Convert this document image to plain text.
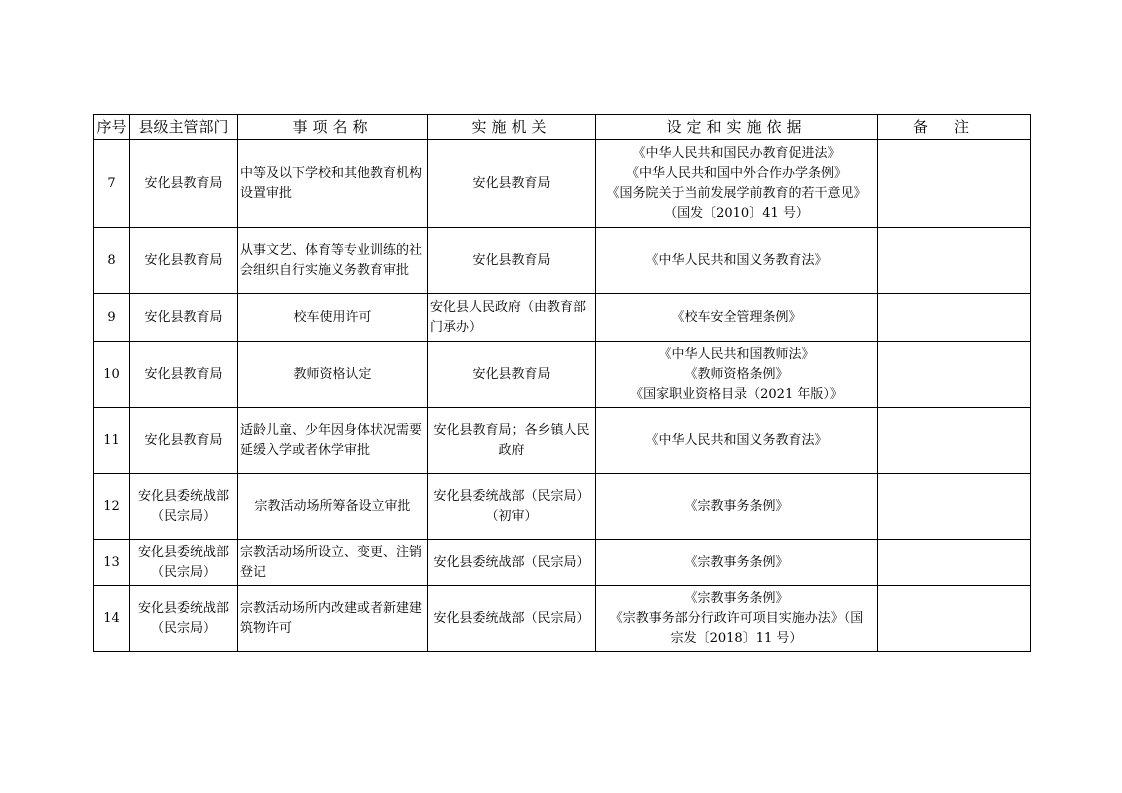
序号	县级主管部门	事项名称	实施机关	设定和实施依据	备注
7	安化县教育局	中等及以下学校和其他教育机构设置审批	安化县教育局	《中华人民共和国民办教育促进法》
《中华人民共和国中外合作办学条例》
《国务院关于当前发展学前教育的若干意见》
（国发〔2010〕41 号）	

8	安化县教育局	从事文艺、体育等专业训练的社会组织自行实施义务教育审批	安化县教育局	《中华人民共和国义务教育法》	

9	安化县教育局	校车使用许可	安化县人民政府（由教育部门承办）	《校车安全管理条例》	

10	安化县教育局	教师资格认定	安化县教育局	《中华人民共和国教师法》
《教师资格条例》
《国家职业资格目录（2021 年版）》	

11	安化县教育局	适龄儿童、少年因身体状况需要延缓入学或者休学审批	安化县教育局；各乡镇人民政府	《中华人民共和国义务教育法》	

12	安化县委统战部（民宗局）	宗教活动场所筹备设立审批	安化县委统战部（民宗局）（初审）	《宗教事务条例》	

13	安化县委统战部（民宗局）	宗教活动场所设立、变更、注销登记	安化县委统战部（民宗局）	《宗教事务条例》	

14	安化县委统战部（民宗局）	宗教活动场所内改建或者新建建筑物许可	安化县委统战部（民宗局）	《宗教事务条例》
《宗教事务部分行政许可项目实施办法》（国
宗发〔2018〕11 号）	
